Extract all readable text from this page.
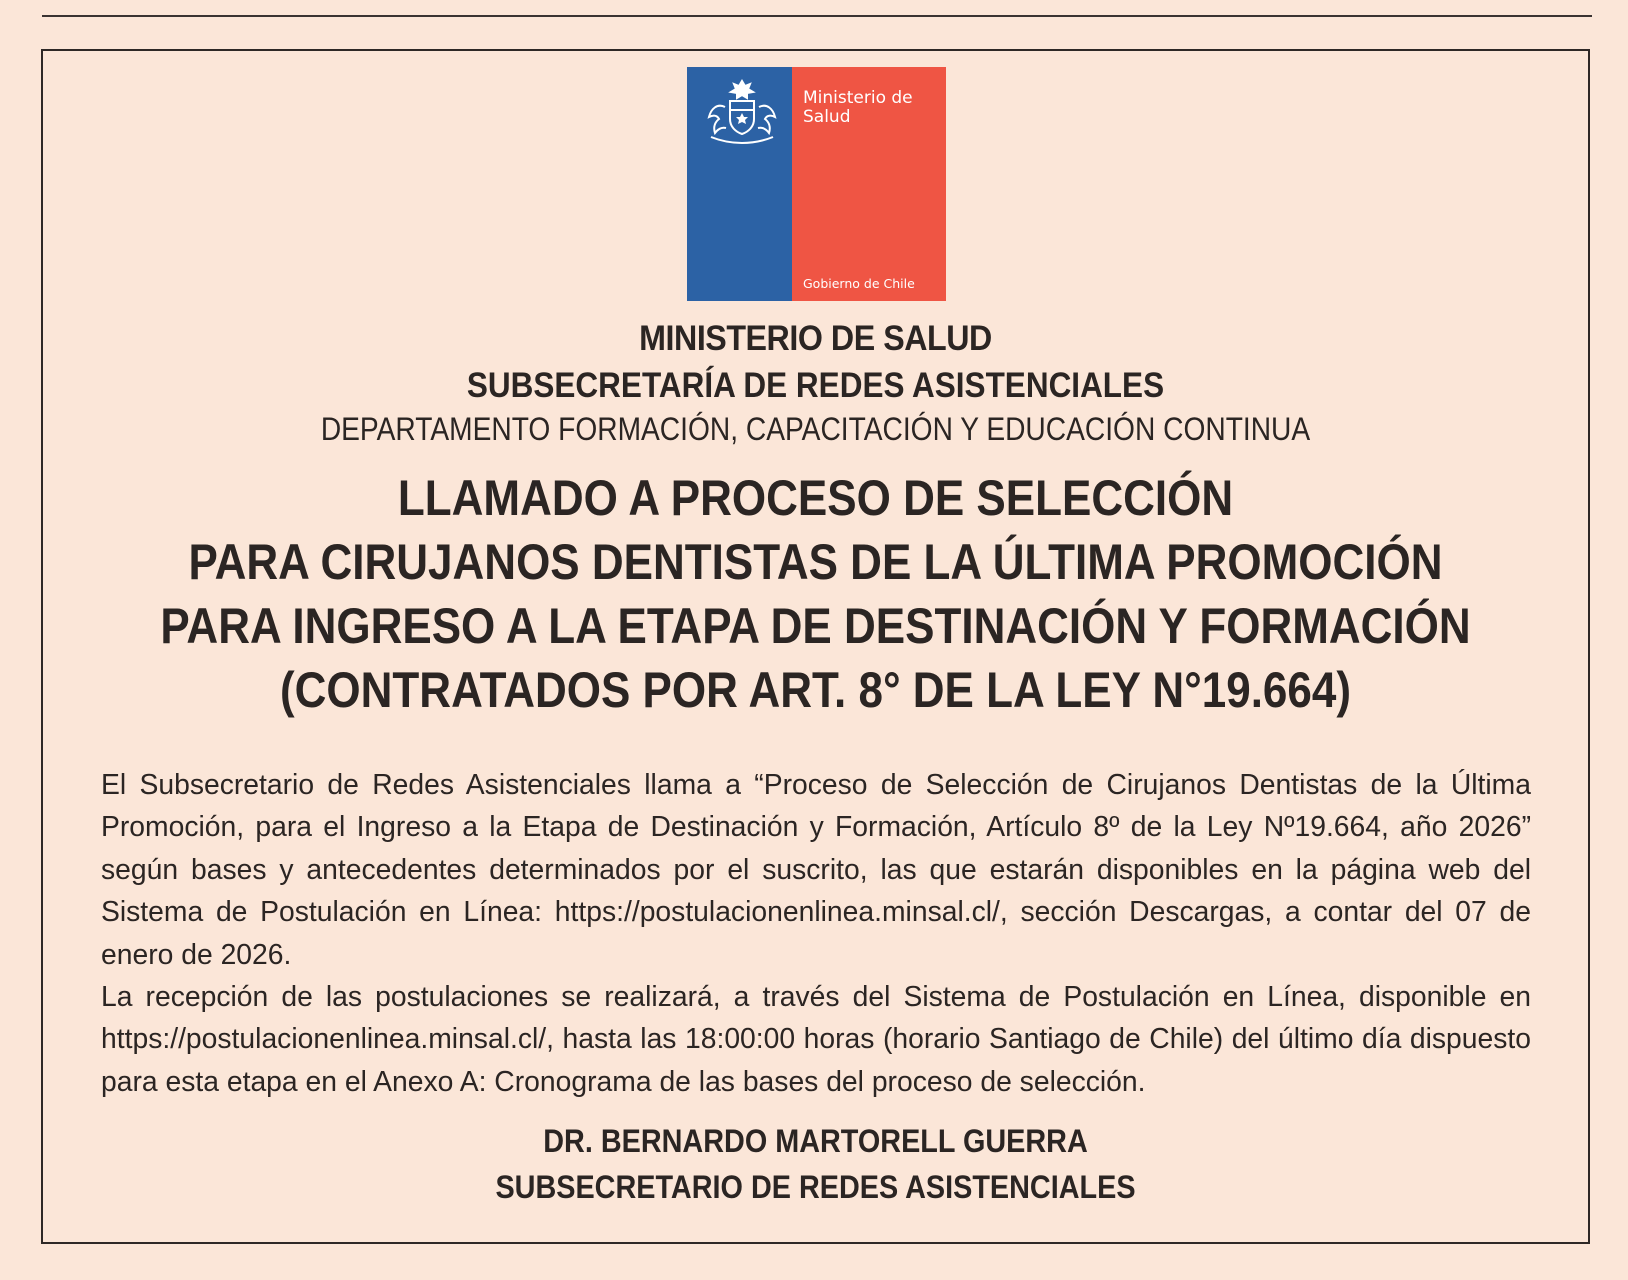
Ministerio de
Salud
Gobierno de Chile
MINISTERIO DE SALUD
SUBSECRETARÍA DE REDES ASISTENCIALES
DEPARTAMENTO FORMACIÓN, CAPACITACIÓN Y EDUCACIÓN CONTINUA
LLAMADO A PROCESO DE SELECCIÓN
PARA CIRUJANOS DENTISTAS DE LA ÚLTIMA PROMOCIÓN
PARA INGRESO A LA ETAPA DE DESTINACIÓN Y FORMACIÓN
(CONTRATADOS POR ART. 8° DE LA LEY N°19.664)

El Subsecretario de Redes Asistenciales llama a “Proceso de Selección de Cirujanos Dentistas de la Última Promoción, para el Ingreso a la Etapa de Destinación y Formación, Artículo 8º de la Ley Nº19.664, año 2026” según bases y antecedentes determinados por el suscrito, las que estarán disponibles en la página web del Sistema de Postulación en Línea: https://postulacionenlinea.minsal.cl/, sección Descargas, a contar del 07 de enero de 2026.

La recepción de las postulaciones se realizará, a través del Sistema de Postulación en Línea, disponible en https://postulacionenlinea.minsal.cl/, hasta las 18:00:00 horas (horario Santiago de Chile) del último día dispuesto para esta etapa en el Anexo A: Cronograma de las bases del proceso de selección.

DR. BERNARDO MARTORELL GUERRA
SUBSECRETARIO DE REDES ASISTENCIALES
